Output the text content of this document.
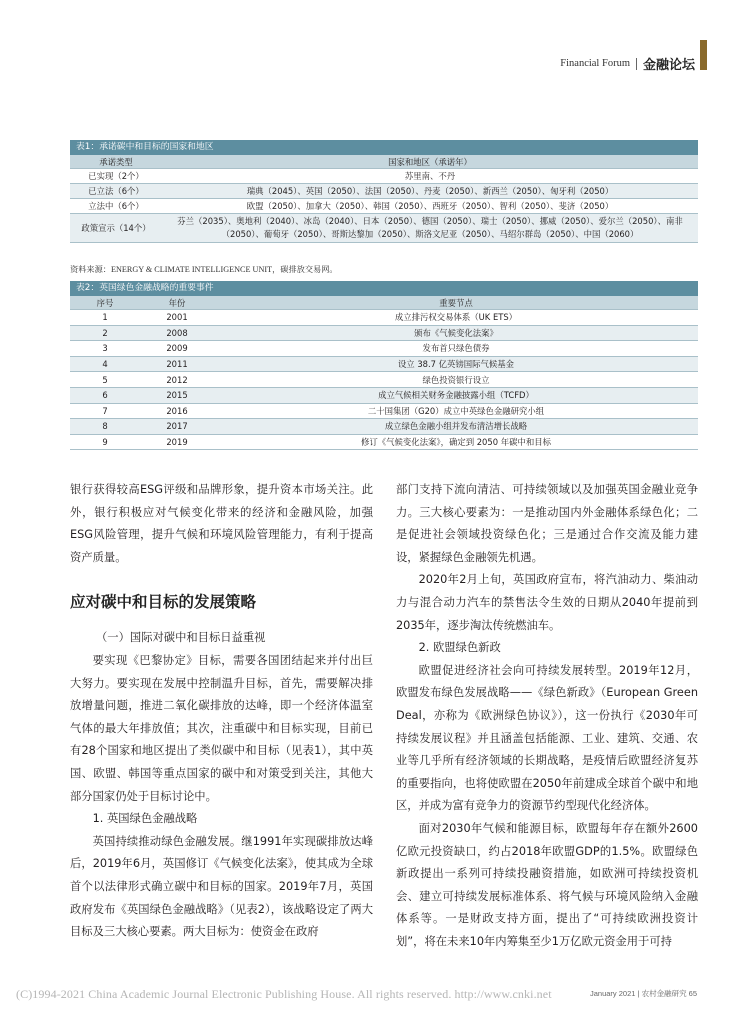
Financial Forum 金融论坛
表1：承诺碳中和目标的国家和地区
承诺类型	国家和地区（承诺年）
已实现（2个）	苏里南、不丹
已立法（6个）	瑞典（2045）、英国（2050）、法国（2050）、丹麦（2050）、新西兰（2050）、匈牙利（2050）
立法中（6个）	欧盟（2050）、加拿大（2050）、韩国（2050）、西班牙（2050）、智利（2050）、斐济（2050）
政策宣示（14个）	芬兰（2035）、奥地利（2040）、冰岛（2040）、日本（2050）、德国（2050）、瑞士（2050）、挪威（2050）、爱尔兰（2050）、南非（2050）、葡萄牙（2050）、哥斯达黎加（2050）、斯洛文尼亚（2050）、马绍尔群岛（2050）、中国（2060）
资料来源：ENERGY & CLIMATE INTELLIGENCE UNIT，碳排放交易网。
表2：英国绿色金融战略的重要事件
序号	年份	重要节点
1	2001	成立排污权交易体系（UK ETS）
2	2008	颁布《气候变化法案》
3	2009	发布首只绿色债券
4	2011	设立 38.7 亿英镑国际气候基金
5	2012	绿色投资银行设立
6	2015	成立气候相关财务金融披露小组（TCFD）
7	2016	二十国集团（G20）成立中英绿色金融研究小组
8	2017	成立绿色金融小组并发布清洁增长战略
9	2019	修订《气候变化法案》，确定到 2050 年碳中和目标

银行获得较高ESG评级和品牌形象，提升资本市场关注。此外，银行积极应对气候变化带来的经济和金融风险，加强ESG风险管理，提升气候和环境风险管理能力，有利于提高资产质量。

应对碳中和目标的发展策略

（一）国际对碳中和目标日益重视

要实现《巴黎协定》目标，需要各国团结起来并付出巨大努力。要实现在发展中控制温升目标，首先，需要解决排放增量问题，推进二氧化碳排放的达峰，即一个经济体温室气体的最大年排放值；其次，注重碳中和目标实现，目前已有28个国家和地区提出了类似碳中和目标（见表1），其中英国、欧盟、韩国等重点国家的碳中和对策受到关注，其他大部分国家仍处于目标讨论中。

1. 英国绿色金融战略

英国持续推动绿色金融发展。继1991年实现碳排放达峰后，2019年6月，英国修订《气候变化法案》，使其成为全球首个以法律形式确立碳中和目标的国家。2019年7月，英国政府发布《英国绿色金融战略》（见表2），该战略设定了两大目标及三大核心要素。两大目标为：使资金在政府

部门支持下流向清洁、可持续领域以及加强英国金融业竞争力。三大核心要素为：一是推动国内外金融体系绿色化；二是促进社会领域投资绿色化；三是通过合作交流及能力建设，紧握绿色金融领先机遇。

2020年2月上旬，英国政府宣布，将汽油动力、柴油动力与混合动力汽车的禁售法令生效的日期从2040年提前到2035年，逐步淘汰传统燃油车。

2. 欧盟绿色新政

欧盟促进经济社会向可持续发展转型。2019年12月，欧盟发布绿色发展战略——《绿色新政》（European Green Deal，亦称为《欧洲绿色协议》），这一份执行《2030年可持续发展议程》并且涵盖包括能源、工业、建筑、交通、农业等几乎所有经济领域的长期战略，是疫情后欧盟经济复苏的重要指向，也将使欧盟在2050年前建成全球首个碳中和地区，并成为富有竞争力的资源节约型现代化经济体。

面对2030年气候和能源目标，欧盟每年存在额外2600亿欧元投资缺口，约占2018年欧盟GDP的1.5%。欧盟绿色新政提出一系列可持续投融资措施，如欧洲可持续投资机会、建立可持续发展标准体系、将气候与环境风险纳入金融体系等。一是财政支持方面，提出了“可持续欧洲投资计划”，将在未来10年内筹集至少1万亿欧元资金用于可持

(C)1994-2021 China Academic Journal Electronic Publishing House. All rights reserved. http://www.cnki.net	January 2021 | 农村金融研究 65
